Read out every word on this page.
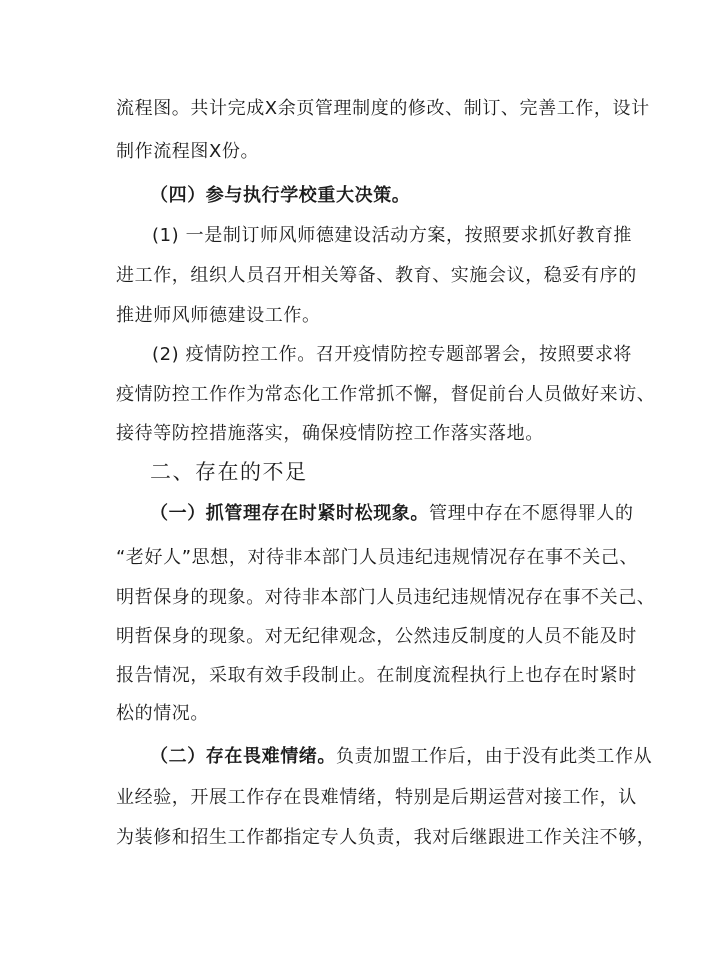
流程图。共计完成X余页管理制度的修改、制订、完善工作，设计
制作流程图X份。
（四）参与执行学校重大决策。
(1) 一是制订师风师德建设活动方案，按照要求抓好教育推
进工作，组织人员召开相关筹备、教育、实施会议，稳妥有序的
推进师风师德建设工作。
(2) 疫情防控工作。召开疫情防控专题部署会，按照要求将
疫情防控工作作为常态化工作常抓不懈，督促前台人员做好来访、
接待等防控措施落实，确保疫情防控工作落实落地。
二、存在的不足
（一）抓管理存在时紧时松现象。管理中存在不愿得罪人的
“老好人”思想，对待非本部门人员违纪违规情况存在事不关己、
明哲保身的现象。对待非本部门人员违纪违规情况存在事不关己、
明哲保身的现象。对无纪律观念，公然违反制度的人员不能及时
报告情况，采取有效手段制止。在制度流程执行上也存在时紧时
松的情况。
（二）存在畏难情绪。负责加盟工作后，由于没有此类工作从
业经验，开展工作存在畏难情绪，特别是后期运营对接工作，认
为装修和招生工作都指定专人负责，我对后继跟进工作关注不够，
